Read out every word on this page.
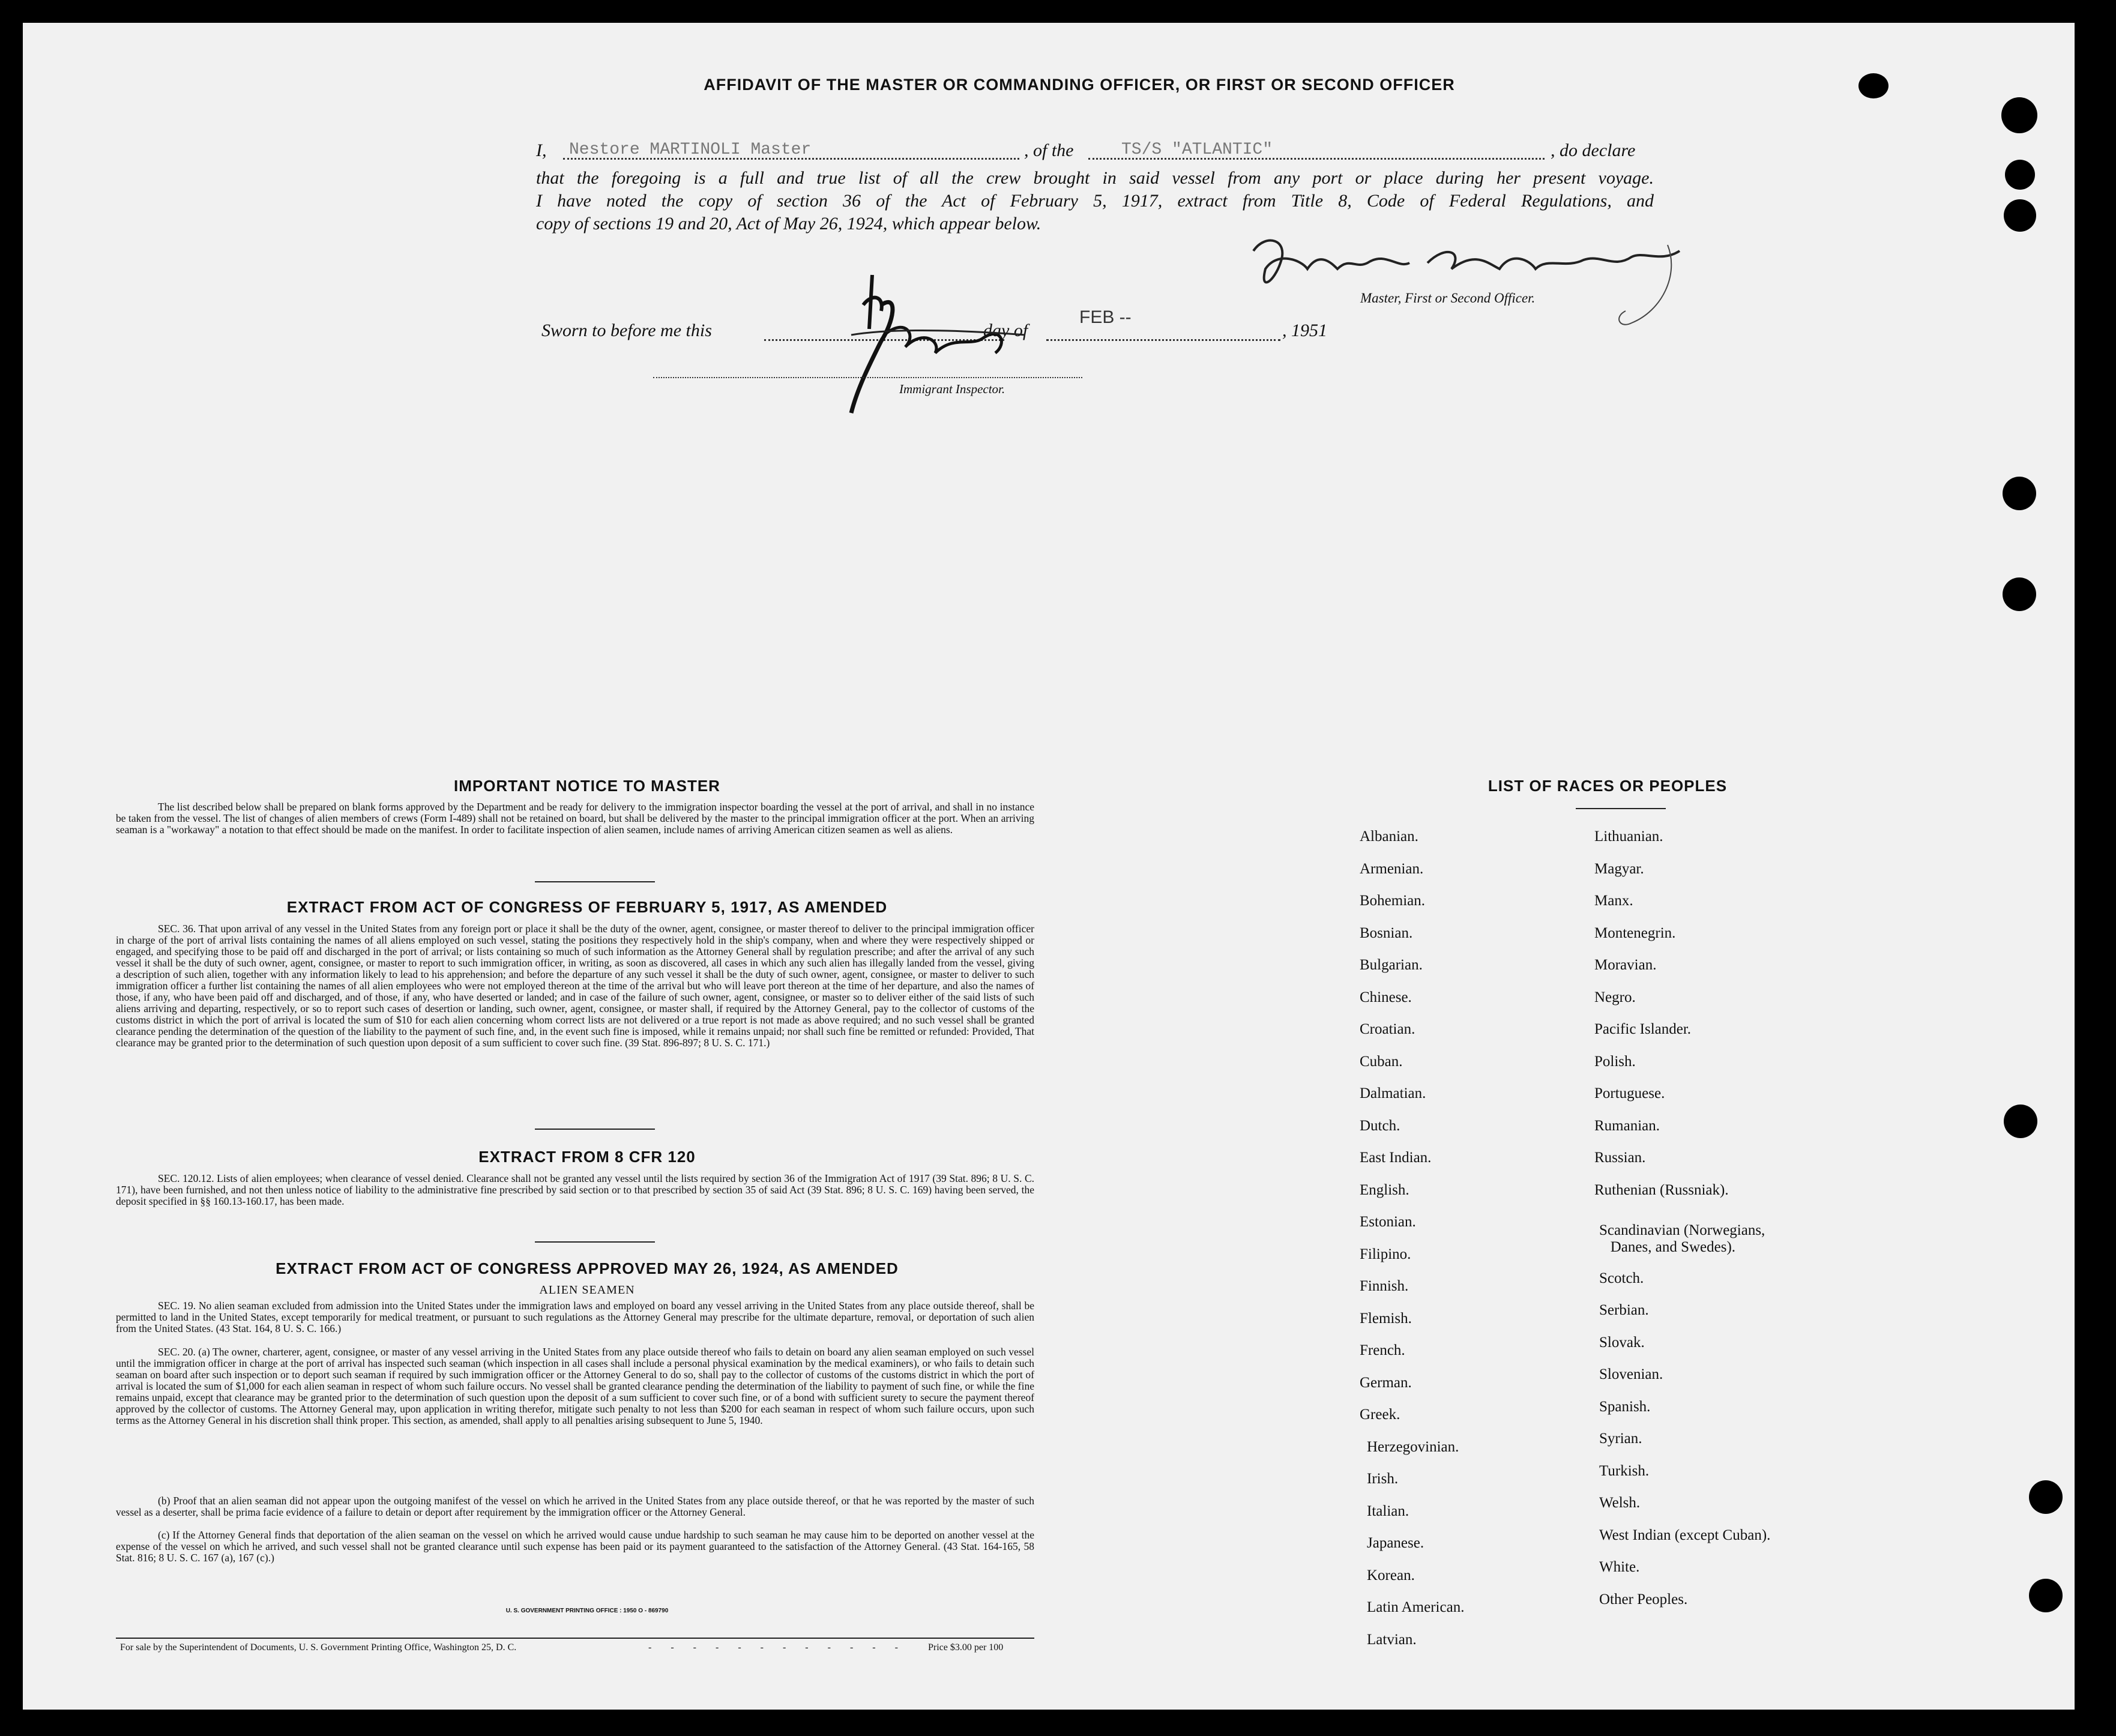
AFFIDAVIT OF THE MASTER OR COMMANDING OFFICER, OR FIRST OR SECOND OFFICER
I, Nestore MARTINOLI Master	, of the	TS/S "ATLANTIC"	, do declare
that the foregoing is a full and true list of all the crew brought in said vessel from any port or place during her present voyage.
I have noted the copy of section 36 of the Act of February 5, 1917, extract from Title 8, Code of Federal Regulations, and
copy of sections 19 and 20, Act of May 26, 1924, which appear below.
Master, First or Second Officer.
Sworn to before me this	day of
FEB --
, 1951
Immigrant Inspector.
IMPORTANT NOTICE TO MASTER
The list described below shall be prepared on blank forms approved by the Department and be ready for delivery to the immigration inspector boarding the vessel at the port of arrival, and shall in no instance be taken from the vessel. The list of changes of alien members of crews (Form I-489) shall not be retained on board, but shall be delivered by the master to the principal immigration officer at the port. When an arriving seaman is a "workaway" a notation to that effect should be made on the manifest. In order to facilitate inspection of alien seamen, include names of arriving American citizen seamen as well as aliens.
EXTRACT FROM ACT OF CONGRESS OF FEBRUARY 5, 1917, AS AMENDED
SEC. 36. That upon arrival of any vessel in the United States from any foreign port or place it shall be the duty of the owner, agent, consignee, or master thereof to deliver to the principal immigration officer in charge of the port of arrival lists containing the names of all aliens employed on such vessel, stating the positions they respectively hold in the ship's company, when and where they were respectively shipped or engaged, and specifying those to be paid off and discharged in the port of arrival; or lists containing so much of such information as the Attorney General shall by regulation prescribe; and after the arrival of any such vessel it shall be the duty of such owner, agent, consignee, or master to report to such immigration officer, in writing, as soon as discovered, all cases in which any such alien has illegally landed from the vessel, giving a description of such alien, together with any information likely to lead to his apprehension; and before the departure of any such vessel it shall be the duty of such owner, agent, consignee, or master to deliver to such immigration officer a further list containing the names of all alien employees who were not employed thereon at the time of the arrival but who will leave port thereon at the time of her departure, and also the names of those, if any, who have been paid off and discharged, and of those, if any, who have deserted or landed; and in case of the failure of such owner, agent, consignee, or master so to deliver either of the said lists of such aliens arriving and departing, respectively, or so to report such cases of desertion or landing, such owner, agent, consignee, or master shall, if required by the Attorney General, pay to the collector of customs of the customs district in which the port of arrival is located the sum of $10 for each alien concerning whom correct lists are not delivered or a true report is not made as above required; and no such vessel shall be granted clearance pending the determination of the question of the liability to the payment of such fine, and, in the event such fine is imposed, while it remains unpaid; nor shall such fine be remitted or refunded: Provided, That clearance may be granted prior to the determination of such question upon deposit of a sum sufficient to cover such fine. (39 Stat. 896-897; 8 U. S. C. 171.)
EXTRACT FROM 8 CFR 120
SEC. 120.12. Lists of alien employees; when clearance of vessel denied. Clearance shall not be granted any vessel until the lists required by section 36 of the Immigration Act of 1917 (39 Stat. 896; 8 U. S. C. 171), have been furnished, and not then unless notice of liability to the administrative fine prescribed by said section or to that prescribed by section 35 of said Act (39 Stat. 896; 8 U. S. C. 169) having been served, the deposit specified in §§ 160.13-160.17, has been made.
EXTRACT FROM ACT OF CONGRESS APPROVED MAY 26, 1924, AS AMENDED
ALIEN SEAMEN
SEC. 19. No alien seaman excluded from admission into the United States under the immigration laws and employed on board any vessel arriving in the United States from any place outside thereof, shall be permitted to land in the United States, except temporarily for medical treatment, or pursuant to such regulations as the Attorney General may prescribe for the ultimate departure, removal, or deportation of such alien from the United States. (43 Stat. 164, 8 U. S. C. 166.)
SEC. 20. (a) The owner, charterer, agent, consignee, or master of any vessel arriving in the United States from any place outside thereof who fails to detain on board any alien seaman employed on such vessel until the immigration officer in charge at the port of arrival has inspected such seaman (which inspection in all cases shall include a personal physical examination by the medical examiners), or who fails to detain such seaman on board after such inspection or to deport such seaman if required by such immigration officer or the Attorney General to do so, shall pay to the collector of customs of the customs district in which the port of arrival is located the sum of $1,000 for each alien seaman in respect of whom such failure occurs. No vessel shall be granted clearance pending the determination of the liability to payment of such fine, or while the fine remains unpaid, except that clearance may be granted prior to the determination of such question upon the deposit of a sum sufficient to cover such fine, or of a bond with sufficient surety to secure the payment thereof approved by the collector of customs. The Attorney General may, upon application in writing therefor, mitigate such penalty to not less than $200 for each seaman in respect of whom such failure occurs, upon such terms as the Attorney General in his discretion shall think proper. This section, as amended, shall apply to all penalties arising subsequent to June 5, 1940.
(b) Proof that an alien seaman did not appear upon the outgoing manifest of the vessel on which he arrived in the United States from any place outside thereof, or that he was reported by the master of such vessel as a deserter, shall be prima facie evidence of a failure to detain or deport after requirement by the immigration officer or the Attorney General.
(c) If the Attorney General finds that deportation of the alien seaman on the vessel on which he arrived would cause undue hardship to such seaman he may cause him to be deported on another vessel at the expense of the vessel on which he arrived, and such vessel shall not be granted clearance until such expense has been paid or its payment guaranteed to the satisfaction of the Attorney General. (43 Stat. 164-165, 58 Stat. 816; 8 U. S. C. 167 (a), 167 (c).)
U. S. GOVERNMENT PRINTING OFFICE : 1950 O - 869790
For sale by the Superintendent of Documents, U. S. Government Printing Office, Washington 25, D. C.	- - - - - - - - - - - - Price $3.00 per 100
LIST OF RACES OR PEOPLES
Albanian.
Armenian.
Bohemian.
Bosnian.
Bulgarian.
Chinese.
Croatian.
Cuban.
Dalmatian.
Dutch.
East Indian.
English.
Estonian.
Filipino.
Finnish.
Flemish.
French.
German.
Greek.
Herzegovinian.
Irish.
Italian.
Japanese.
Korean.
Latin American.
Latvian.
Lithuanian.
Magyar.
Manx.
Montenegrin.
Moravian.
Negro.
Pacific Islander.
Polish.
Portuguese.
Rumanian.
Russian.
Ruthenian (Russniak).
Scandinavian (Norwegians,
Danes, and Swedes).
Scotch.
Serbian.
Slovak.
Slovenian.
Spanish.
Syrian.
Turkish.
Welsh.
West Indian (except Cuban).
White.
Other Peoples.
